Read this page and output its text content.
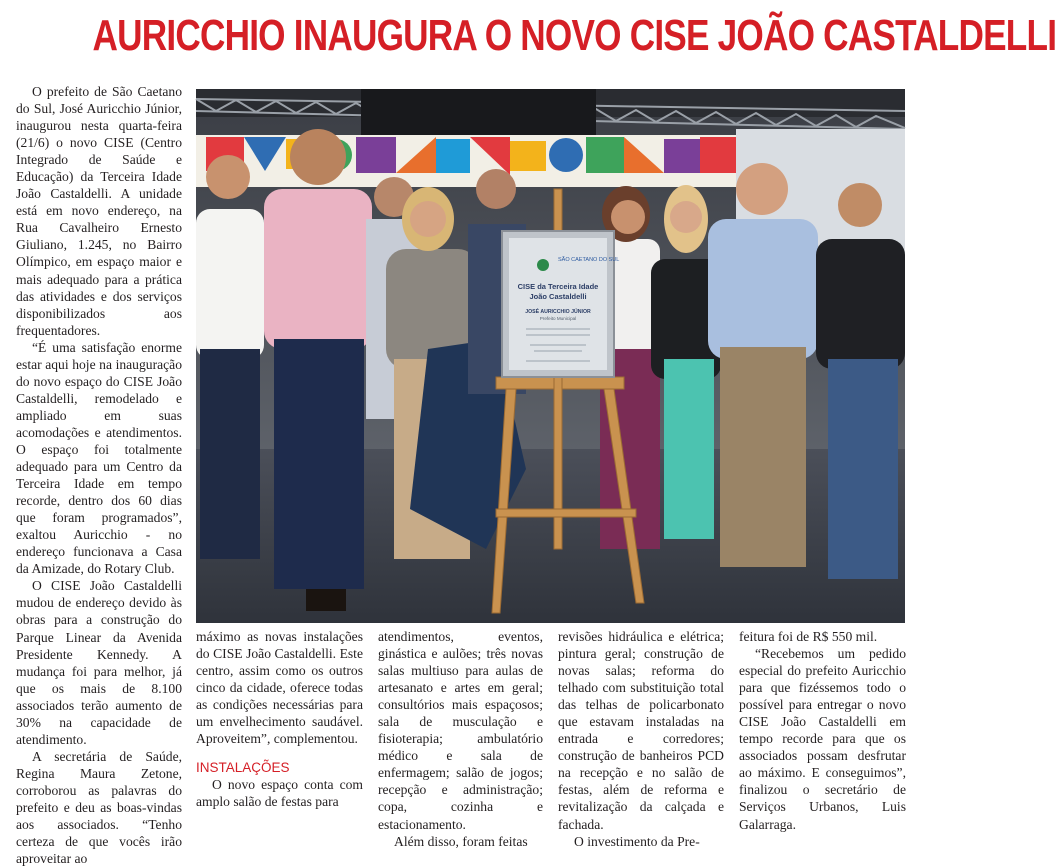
AURICCHIO INAUGURA O NOVO CISE JOÃO CASTALDELLI

O prefeito de São Caetano do Sul, José Auricchio Júnior, inaugurou nesta quarta-feira (21/6) o novo CISE (Centro Integrado de Saúde e Educação) da Terceira Idade João Castaldelli. A unidade está em novo endereço, na Rua Cavalheiro Ernesto Giuliano, 1.245, no Bairro Olímpico, em espaço maior e mais adequado para a prática das atividades e dos serviços disponibilizados aos frequentadores.

“É uma satisfação enorme estar aqui hoje na inauguração do novo espaço do CISE João Castaldelli, remodelado e ampliado em suas acomodações e atendimentos. O espaço foi totalmente adequado para um Centro da Terceira Idade em tempo recorde, dentro dos 60 dias que foram programados”, exaltou Auricchio - no endereço funcionava a Casa da Amizade, do Rotary Club.

O CISE João Castaldelli mudou de endereço devido às obras para a construção do Parque Linear da Avenida Presidente Kennedy. A mudança foi para melhor, já que os mais de 8.100 associados terão aumento de 30% na capacidade de atendimento.

A secretária de Saúde, Regina Maura Zetone, corroborou as palavras do prefeito e deu as boas-vindas aos associados. “Tenho certeza de que vocês irão aproveitar ao

SÃO CAETANO DO SUL
CISE da Terceira Idade
João Castaldelli
JOSÉ AURICCHIO JÚNIOR
Prefeito Municipal

máximo as novas instalações do CISE João Castaldelli. Este centro, assim como os outros cinco da cidade, oferece todas as condições necessárias para um envelhecimento saudável. Aproveitem”, complementou.

INSTALAÇÕES

O novo espaço conta com amplo salão de festas para

atendimentos, eventos, ginástica e aulões; três novas salas multiuso para aulas de artesanato e artes em geral; consultórios mais espaçosos; sala de musculação e fisioterapia; ambulatório médico e sala de enfermagem; salão de jogos; recepção e administração; copa, cozinha e estacionamento.

Além disso, foram feitas

revisões hidráulica e elétrica; pintura geral; construção de novas salas; reforma do telhado com substituição total das telhas de policarbonato que estavam instaladas na entrada e corredores; construção de banheiros PCD na recepção e no salão de festas, além de reforma e revitalização da calçada e fachada.

O investimento da Pre-

feitura foi de R$ 550 mil.

“Recebemos um pedido especial do prefeito Auricchio para que fizéssemos todo o possível para entregar o novo CISE João Castaldelli em tempo recorde para que os associados possam desfrutar ao máximo. E conseguimos”, finalizou o secretário de Serviços Urbanos, Luis Galarraga.
